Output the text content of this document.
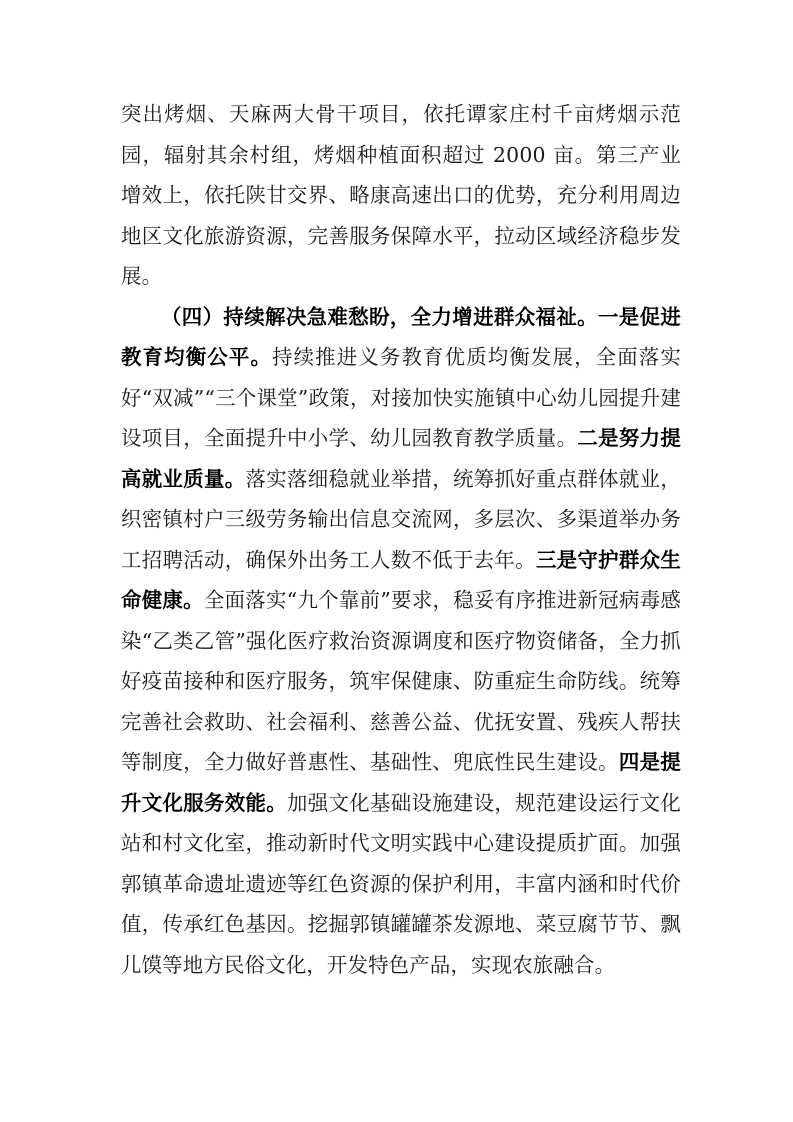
突出烤烟、天麻两大骨干项目，依托谭家庄村千亩烤烟示范园，辐射其余村组，烤烟种植面积超过 2000 亩。第三产业增效上，依托陕甘交界、略康高速出口的优势，充分利用周边地区文化旅游资源，完善服务保障水平，拉动区域经济稳步发展。

（四）持续解决急难愁盼，全力增进群众福祉。一是促进教育均衡公平。持续推进义务教育优质均衡发展，全面落实好“双减”“三个课堂”政策，对接加快实施镇中心幼儿园提升建设项目，全面提升中小学、幼儿园教育教学质量。二是努力提高就业质量。落实落细稳就业举措，统筹抓好重点群体就业，织密镇村户三级劳务输出信息交流网，多层次、多渠道举办务工招聘活动，确保外出务工人数不低于去年。三是守护群众生命健康。全面落实“九个靠前”要求，稳妥有序推进新冠病毒感染“乙类乙管”强化医疗救治资源调度和医疗物资储备，全力抓好疫苗接种和医疗服务，筑牢保健康、防重症生命防线。统筹完善社会救助、社会福利、慈善公益、优抚安置、残疾人帮扶等制度，全力做好普惠性、基础性、兜底性民生建设。四是提升文化服务效能。加强文化基础设施建设，规范建设运行文化站和村文化室，推动新时代文明实践中心建设提质扩面。加强郭镇革命遗址遗迹等红色资源的保护利用，丰富内涵和时代价值，传承红色基因。挖掘郭镇罐罐茶发源地、菜豆腐节节、飘儿馍等地方民俗文化，开发特色产品，实现农旅融合。
